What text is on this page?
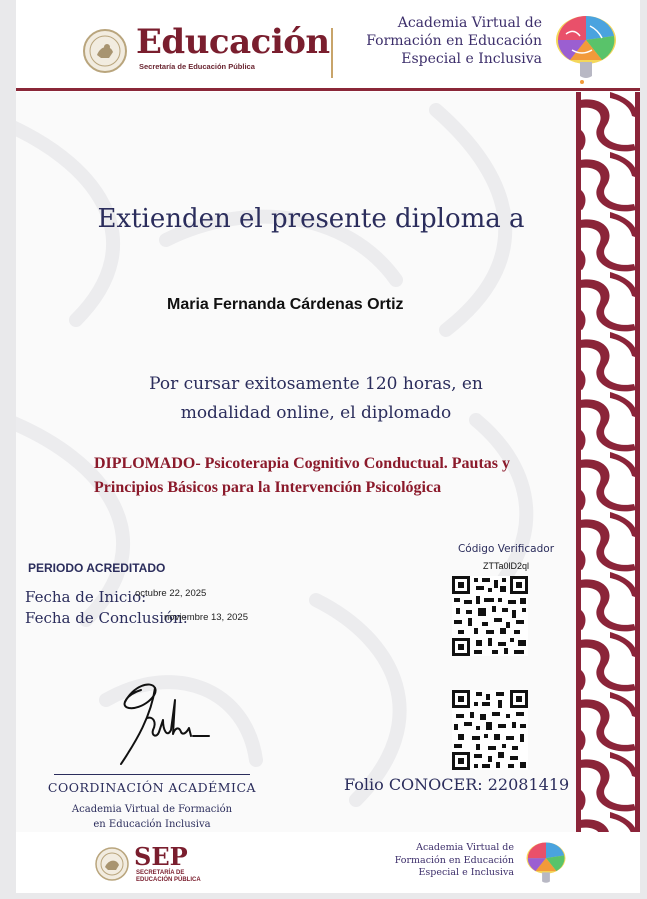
Educación
Secretaría de Educación Pública
Academia Virtual de
Formación en Educación
Especial e Inclusiva
Extienden el presente diploma a
Maria Fernanda Cárdenas Ortiz
Por cursar exitosamente 120 horas, en
modalidad online, el diplomado
DIPLOMADO- Psicoterapia Cognitivo Conductual. Pautas y
Principios Básicos para la Intervención Psicológica
PERIODO ACREDITADO
Fecha de Inicio:
octubre 22, 2025
Fecha de Conclusión:
noviembre 13, 2025
Código Verificador
ZTTa0lD2ql
COORDINACIÓN ACADÉMICA
Academia Virtual de Formación
en Educación Inclusiva
Folio CONOCER: 22081419
SEP
SECRETARÍA DE
EDUCACIÓN PÚBLICA
Academia Virtual de
Formación en Educación
Especial e Inclusiva
